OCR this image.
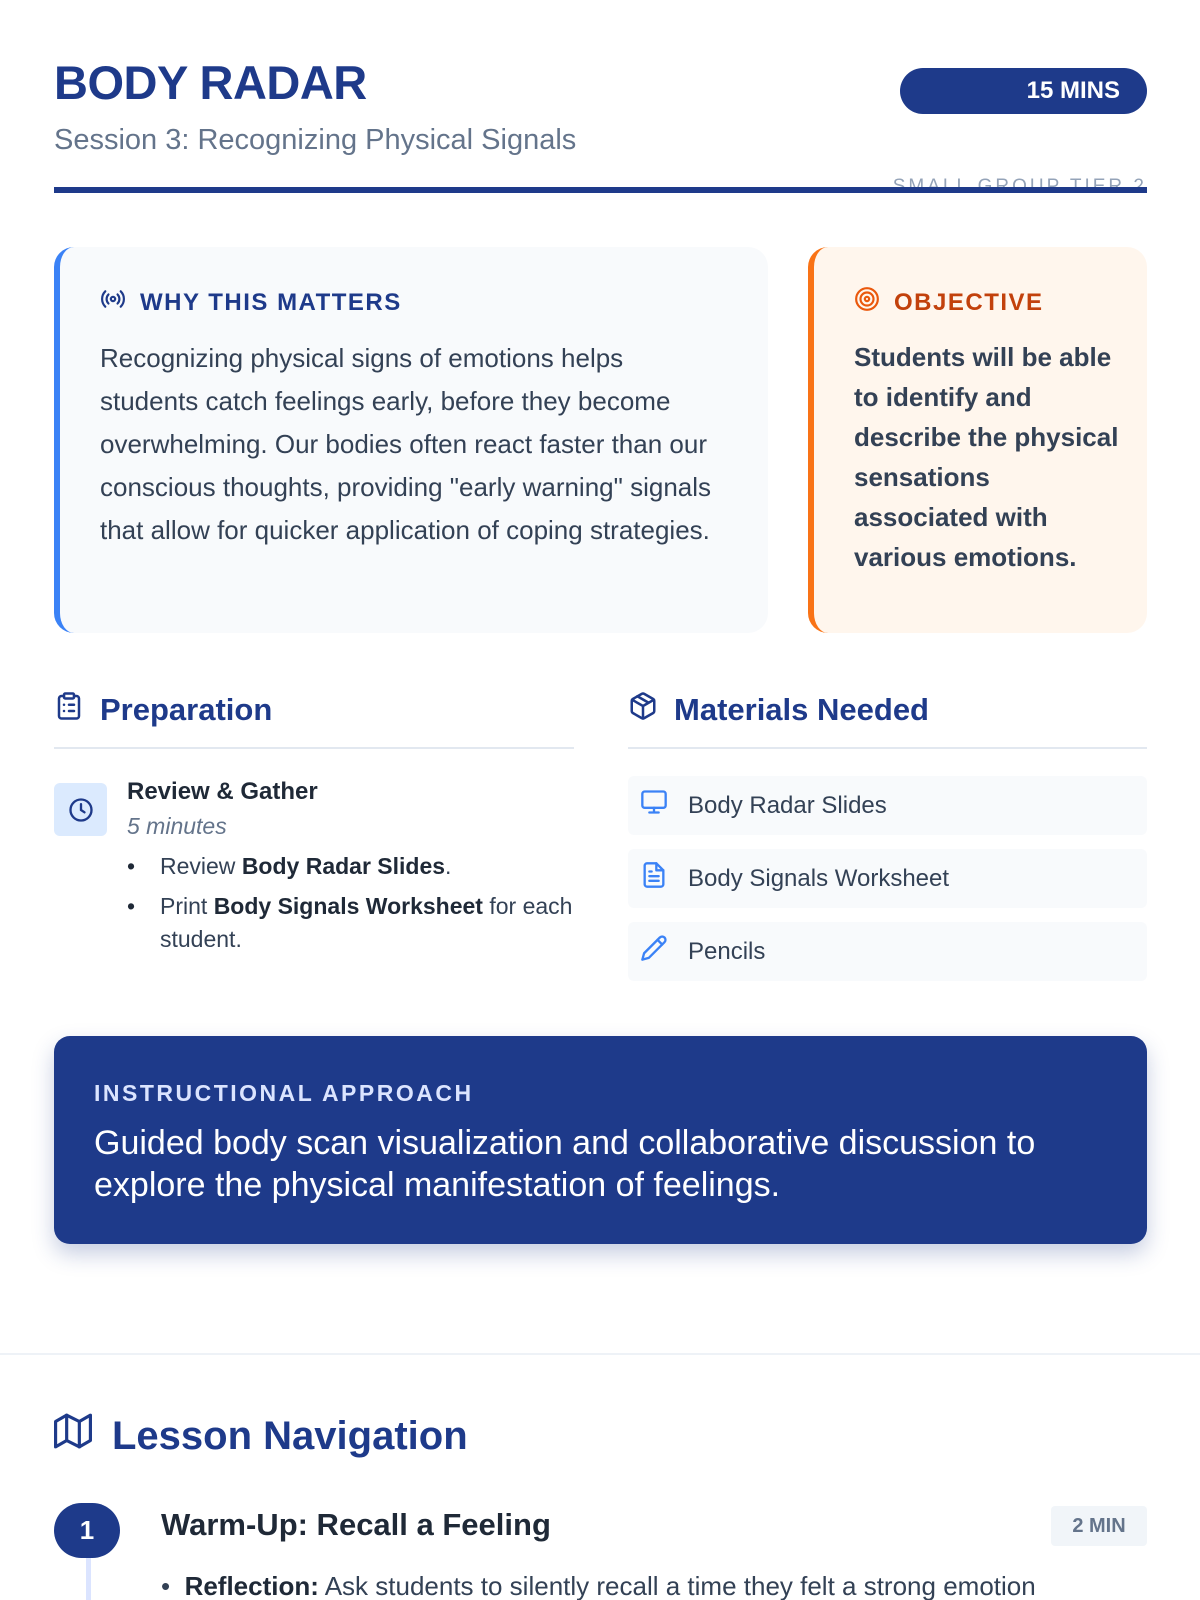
BODY RADAR
Session 3: Recognizing Physical Signals
15 MINS
WHY THIS MATTERS
Recognizing physical signs of emotions helps students catch feelings early, before they become overwhelming. Our bodies often react faster than our conscious thoughts, providing "early warning" signals that allow for quicker application of coping strategies.
OBJECTIVE
Students will be able to identify and describe the physical sensations associated with various emotions.
Preparation
Review & Gather
5 minutes
• Review Body Radar Slides.
• Print Body Signals Worksheet for each student.
Materials Needed
Body Radar Slides
Body Signals Worksheet
Pencils
INSTRUCTIONAL APPROACH
Guided body scan visualization and collaborative discussion to explore the physical manifestation of feelings.
Lesson Navigation
1	Warm-Up: Recall a Feeling	2 MIN
•  Reflection: Ask students to silently recall a time they felt a strong emotion
